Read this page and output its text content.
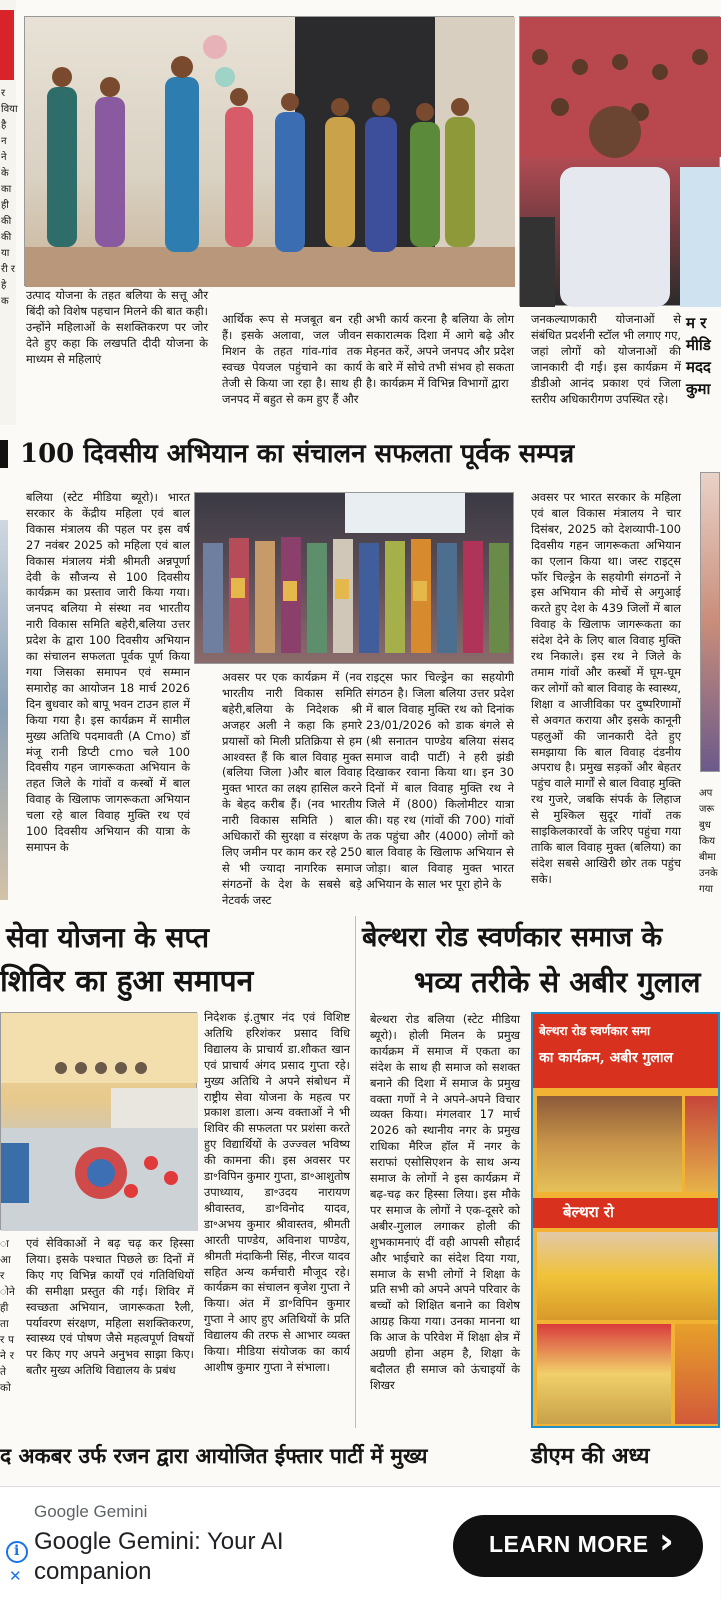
र विया है न ने के का ही की की या री रहे क	उत्पाद योजना के तहत बलिया के सत्तू और बिंदी को विशेष पहचान मिलने की बात कही। उन्होंने महिलाओं के सशक्तिकरण पर जोर देते हुए कहा कि लखपति दीदी योजना के माध्यम से महिलाएं
आर्थिक रूप से मजबूत बन रही हैं। इसके अलावा, जल जीवन मिशन के तहत गांव-गांव तक स्वच्छ पेयजल पहुंचाने का कार्य तेजी से किया जा रहा है। साथ ही जनपद में बहुत से कम हुए हैं और
अभी कार्य करना है बलिया के लोग सकारात्मक दिशा में आगे बढ़े और मेहनत करें, अपने जनपद और प्रदेश के बारे में सोचे तभी संभव हो सकता है। कार्यक्रम में विभिन्न विभागों द्वारा
जनकल्याणकारी योजनाओं से संबंधित प्रदर्शनी स्टॉल भी लगाए गए, जहां लोगों को योजनाओं की जानकारी दी गई। इस कार्यक्रम में डीडीओ आनंद प्रकाश एवं जिला स्तरीय अधिकारीगण उपस्थित रहे।
म र मीडि मदद कुमा
100 दिवसीय अभियान का संचालन सफलता पूर्वक सम्पन्न
बलिया (स्टेट मीडिया ब्यूरो)। भारत सरकार के केंद्रीय महिला एवं बाल विकास मंत्रालय की पहल पर इस वर्ष 27 नवंबर 2025 को महिला एवं बाल विकास मंत्रालय मंत्री श्रीमती अन्नपूर्णा देवी के सौजन्य से 100 दिवसीय कार्यक्रम का प्रस्ताव जारी किया गया। जनपद बलिया मे संस्था नव भारतीय नारी विकास समिति बहेरी,बलिया उत्तर प्रदेश के द्वारा 100 दिवसीय अभियान का संचालन सफलता पूर्वक पूर्ण किया गया जिसका समापन एवं सम्मान समारोह का आयोजन 18 मार्च 2026 दिन बुधवार को बापू भवन टाउन हाल में किया गया है। इस कार्यक्रम में सामील मुख्य अतिथि पदमावती (A Cmo) डॉ मंजू रानी डिप्टी cmo चले 100 दिवसीय गहन जागरूकता अभियान के तहत जिले के गांवों व कस्बों में बाल विवाह के खिलाफ जागरूकता अभियान चला रहे बाल विवाह मुक्ति रथ एवं 100 दिवसीय अभियान की यात्रा के समापन के
अवसर पर एक कार्यक्रम में (नव भारतीय नारी विकास समिति बहेरी,बलिया के निदेशक श्री अजहर अली ने कहा कि हमारे प्रयासों को मिली प्रतिक्रिया से हम आश्वस्त हैं कि बाल विवाह मुक्त (बलिया जिला )और बाल विवाह मुक्त भारत का लक्ष्य हासिल करने के बेहद करीब हैं। (नव भारतीय नारी विकास समिति ) बाल अधिकारों की सुरक्षा व संरक्षण के लिए जमीन पर काम कर रहे 250 से भी ज्यादा नागरिक समाज संगठनों के देश के सबसे बड़े नेटवर्क जस्ट
राइट्स फार चिल्ड्रेन का सहयोगी संगठन है। जिला बलिया उत्तर प्रदेश में बाल विवाह मुक्ति रथ को दिनांक 23/01/2026 को डाक बंगले से (श्री सनातन पाण्डेय बलिया संसद समाज वादी पार्टी) ने हरी झंडी दिखाकर रवाना किया था। इन 30 दिनों में बाल विवाह मुक्ति रथ ने जिले में (800) किलोमीटर यात्रा की। यह रथ (गांवों की 700) गांवों तक पहुंचा और (4000) लोगों को बाल विवाह के खिलाफ अभियान से जोड़ा। बाल विवाह मुक्त भारत अभियान के साल भर पूरा होने के
अवसर पर भारत सरकार के महिला एवं बाल विकास मंत्रालय ने चार दिसंबर, 2025 को देशव्यापी-100 दिवसीय गहन जागरूकता अभियान का एलान किया था। जस्ट राइट्स फॉर चिल्ड्रेन के सहयोगी संगठनों ने इस अभियान की मोर्चे से अगुआई करते हुए देश के 439 जिलों में बाल विवाह के खिलाफ जागरूकता का संदेश देने के लिए बाल विवाह मुक्ति रथ निकाले। इस रथ ने जिले के तमाम गांवों और कस्बों में घूम-घूम कर लोगों को बाल विवाह के स्वास्थ्य, शिक्षा व आजीविका पर दुष्परिणामों से अवगत कराया और इसके कानूनी पहलुओं की जानकारी देते हुए समझाया कि बाल विवाह दंडनीय अपराध है। प्रमुख सड़कों और बेहतर पहुंच वाले मार्गों से बाल विवाह मुक्ति रथ गुजरे, जबकि संपर्क के लिहाज से मुश्किल सुदूर गांवों तक साइकिलकारवों के जरिए पहुंचा गया ताकि बाल विवाह मुक्त (बलिया) का संदेश सबसे आखिरी छोर तक पहुंच सके।
अप जरू बुध किय बीमा उनके गया
सेवा योजना के सप्त
शिविर का हुआ समापन
ा आ र ोने ही ता र प ने र ते को
एवं सेविकाओं ने बढ़ चढ़ कर हिस्सा लिया। इसके पश्चात पिछले छः दिनों में किए गए विभिन्न कार्यों एवं गतिविधियों की समीक्षा प्रस्तुत की गई। शिविर में स्वच्छता अभियान, जागरूकता रैली, पर्यावरण संरक्षण, महिला सशक्तिकरण, स्वास्थ्य एवं पोषण जैसे महत्वपूर्ण विषयों पर किए गए अपने अनुभव साझा किए। बतौर मुख्य अतिथि विद्यालय के प्रबंध
निदेशक इं.तुषार नंद एवं विशिष्ट अतिथि हरिशंकर प्रसाद विधि विद्यालय के प्राचार्य डा.शौकत खान एवं प्राचार्य अंगद प्रसाद गुप्ता रहे। मुख्य अतिथि ने अपने संबोधन में राष्ट्रीय सेवा योजना के महत्व पर प्रकाश डाला। अन्य वक्ताओं ने भी शिविर की सफलता पर प्रशंसा करते हुए विद्यार्थियों के उज्ज्वल भविष्य की कामना की। इस अवसर पर डा॰विपिन कुमार गुप्ता, डा॰आशुतोष उपाध्याय, डा॰उदय नारायण श्रीवास्तव, डा॰विनोद यादव, डा॰अभय कुमार श्रीवास्तव, श्रीमती आरती पाण्डेय, अविनाश पाण्डेय, श्रीमती मंदाकिनी सिंह, नीरज यादव सहित अन्य कर्मचारी मौजूद रहे। कार्यक्रम का संचालन बृजेश गुप्ता ने किया। अंत में डा॰विपिन कुमार गुप्ता ने आए हुए अतिथियों के प्रति विद्यालय की तरफ से आभार व्यक्त किया। मीडिया संयोजक का कार्य आशीष कुमार गुप्ता ने संभाला।
बेल्थरा रोड स्वर्णकार समाज के
भव्य तरीके से अबीर गुलाल
बेल्थरा रोड बलिया (स्टेट मीडिया ब्यूरो)। होली मिलन के प्रमुख कार्यक्रम में समाज में एकता का संदेश के साथ ही समाज को सशक्त बनाने की दिशा में समाज के प्रमुख वक्ता गणों ने ने अपने-अपने विचार व्यक्त किया। मंगलवार 17 मार्च 2026 को स्थानीय नगर के प्रमुख राधिका मैरिज हॉल में नगर के सराफां एसोसिएशन के साथ अन्य समाज के लोगों ने इस कार्यक्रम में बढ़-चढ़ कर हिस्सा लिया। इस मौके पर समाज के लोगों ने एक-दूसरे को अबीर-गुलाल लगाकर होली की शुभकामनाएं दीं वही आपसी सौहार्द और भाईचारे का संदेश दिया गया, समाज के सभी लोगों ने शिक्षा के प्रति सभी को अपने अपने परिवार के बच्चों को शिक्षित बनाने का विशेष आग्रह किया गया। उनका मानना था कि आज के परिवेश में शिक्षा क्षेत्र में अग्रणी होना अहम है, शिक्षा के बदौलत ही समाज को ऊंचाइयों के शिखर
बेल्थरा रोड स्वर्णकार समा
का कार्यक्रम, अबीर गुलाल
बेल्थरा रो
द अकबर उर्फ रजन द्वारा आयोजित ईफ्तार पार्टी में मुख्य	डीएम की अध्य
Google Gemini
Google Gemini: Your AI companion
LEARN MORE ›
i
✕
